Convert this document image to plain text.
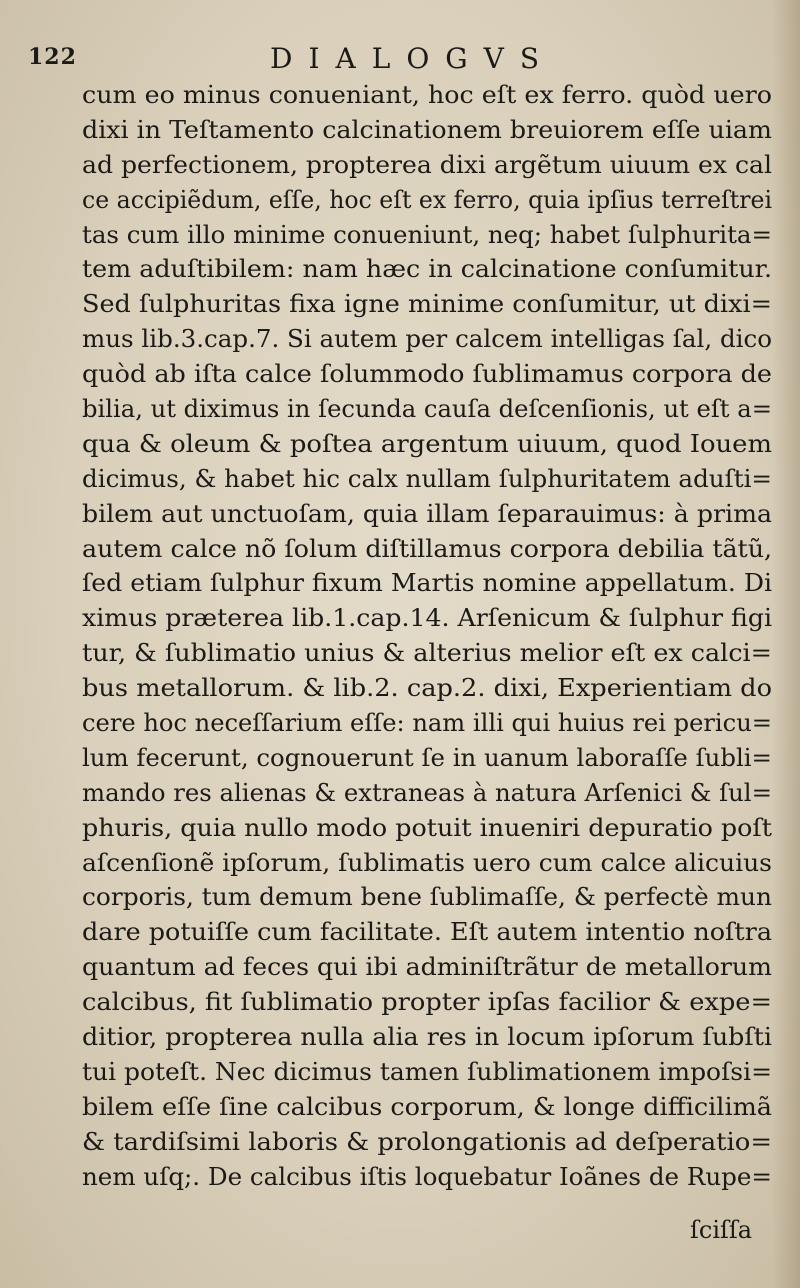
122	DIALOGVS
cum eo minus conueniant, hoc eſt ex ferro. quòd uero
dixi in Teſtamento calcinationem breuiorem eſſe uiam
ad perfectionem, propterea dixi argẽtum uiuum ex cal
ce accipiẽdum, eſſe, hoc eſt ex ferro, quia ipſius terreſtrei
tas cum illo minime conueniunt, neq; habet ſulphurita=
tem aduſtibilem: nam hæc in calcinatione conſumitur.
Sed ſulphuritas fixa igne minime conſumitur, ut dixi=
mus lib.3.cap.7. Si autem per calcem intelligas ſal, dico
quòd ab iſta calce ſolummodo ſublimamus corpora de
bilia, ut diximus in ſecunda cauſa deſcenſionis, ut eſt a=
qua & oleum & poſtea argentum uiuum, quod Iouem
dicimus, & habet hic calx nullam ſulphuritatem aduſti=
bilem aut unctuoſam, quia illam ſeparauimus: à prima
autem calce nõ ſolum diſtillamus corpora debilia tãtũ,
ſed etiam ſulphur fixum Martis nomine appellatum. Di
ximus præterea lib.1.cap.14. Arſenicum & ſulphur figi
tur, & ſublimatio unius & alterius melior eſt ex calci=
bus metallorum. & lib.2. cap.2. dixi, Experientiam do
cere hoc neceſſarium eſſe: nam illi qui huius rei pericu=
lum fecerunt, cognouerunt ſe in uanum laboraſſe ſubli=
mando res alienas & extraneas à natura Arſenici & ſul=
phuris, quia nullo modo potuit inueniri depuratio poſt
aſcenſionẽ ipſorum, ſublimatis uero cum calce alicuius
corporis, tum demum bene ſublimaſſe, & perfectè mun
dare potuiſſe cum facilitate. Eſt autem intentio noſtra
quantum ad feces qui ibi adminiſtrãtur de metallorum
calcibus, fit ſublimatio propter ipſas facilior & expe=
ditior, propterea nulla alia res in locum ipſorum ſubſti
tui poteſt. Nec dicimus tamen ſublimationem impoſsi=
bilem eſſe ſine calcibus corporum, & longe difficilimã
& tardiſsimi laboris & prolongationis ad deſperatio=
nem uſq;. De calcibus iſtis loquebatur Ioãnes de Rupe=
ſciſſa
